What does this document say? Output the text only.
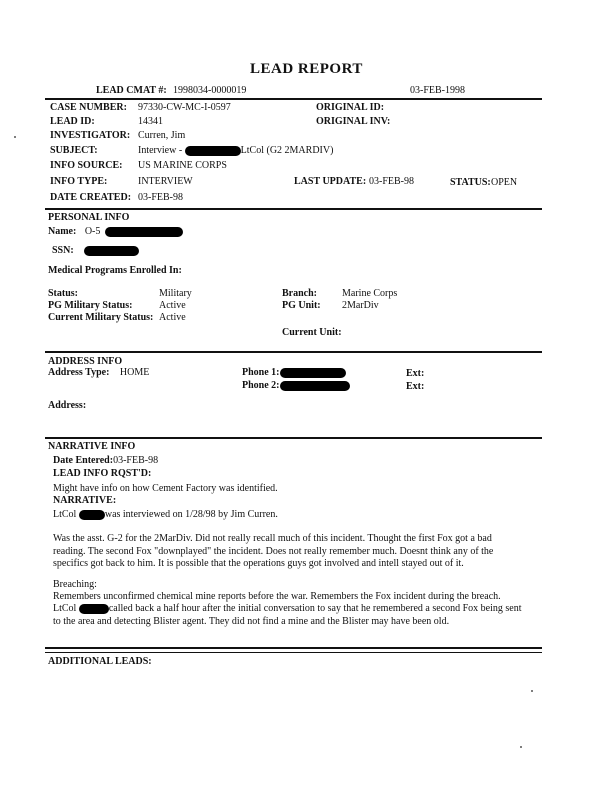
LEAD REPORT
LEAD CMAT #: 1998034-0000019	03-FEB-1998
CASE NUMBER: 97330-CW-MC-I-0597	ORIGINAL ID:
LEAD ID:	14341	ORIGINAL INV:
INVESTIGATOR: Curren, Jim
SUBJECT:	Interview -	LtCol (G2 2MARDIV)
INFO SOURCE: US MARINE CORPS
INFO TYPE:	INTERVIEW	LAST UPDATE: 03-FEB-98	STATUS: OPEN
DATE CREATED: 03-FEB-98
PERSONAL INFO
Name: O-5
SSN:
Medical Programs Enrolled In:
Status:	Military	Branch:	Marine Corps
PG Military Status:	Active	PG Unit: 2MarDiv
Current Military Status: Active
Current Unit:
ADDRESS INFO
Address Type: HOME	Phone 1:	Ext:
Phone 2:	Ext:
Address:
NARRATIVE INFO
Date Entered:03-FEB-98
LEAD INFO RQST'D:
Might have info on how Cement Factory was identified.
NARRATIVE:
LtCol	was interviewed on 1/28/98 by Jim Curren.
Was the asst. G-2 for the 2MarDiv. Did not really recall much of this incident. Thought the first Fox got a bad reading. The second Fox "downplayed" the incident. Does not really remember much. Doesnt think any of the specifics got back to him. It is possible that the operations guys got involved and intell stayed out of it.
Breaching:
Remembers unconfirmed chemical mine reports before the war. Remembers the Fox incident during the breach.
LtCol	called back a half hour after the initial conversation to say that he remembered a second Fox being sent to the area and detecting Blister agent. They did not find a mine and the Blister may have been old.
ADDITIONAL LEADS:
